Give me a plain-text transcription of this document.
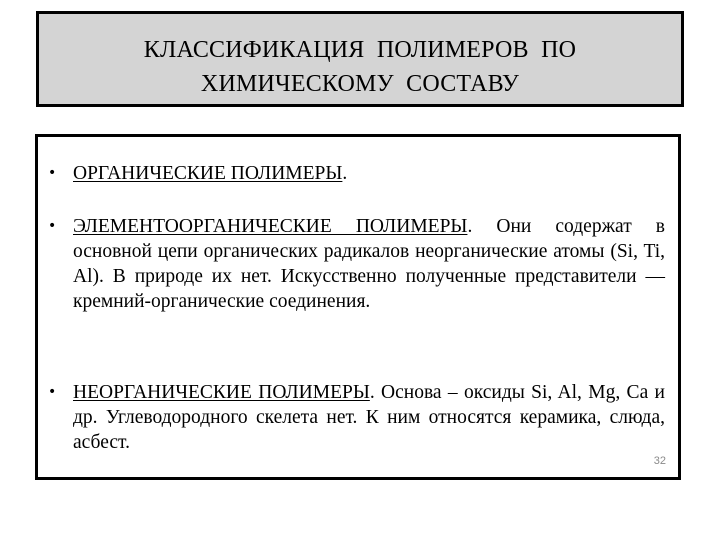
КЛАССИФИКАЦИЯ  ПОЛИМЕРОВ  ПО
ХИМИЧЕСКОМУ  СОСТАВУ
• ОРГАНИЧЕСКИЕ ПОЛИМЕРЫ.
• ЭЛЕМЕНТООРГАНИЧЕСКИЕ ПОЛИМЕРЫ. Они содержат в основной цепи органических радикалов неорганические атомы (Si, Ti, Al). В природе их нет. Искусственно полученные представители — кремний-органические соединения.
• НЕОРГАНИЧЕСКИЕ ПОЛИМЕРЫ. Основа – оксиды Si, Al, Mg, Ca и др. Углеводородного скелета нет. К ним относятся керамика, слюда, асбест.
32
